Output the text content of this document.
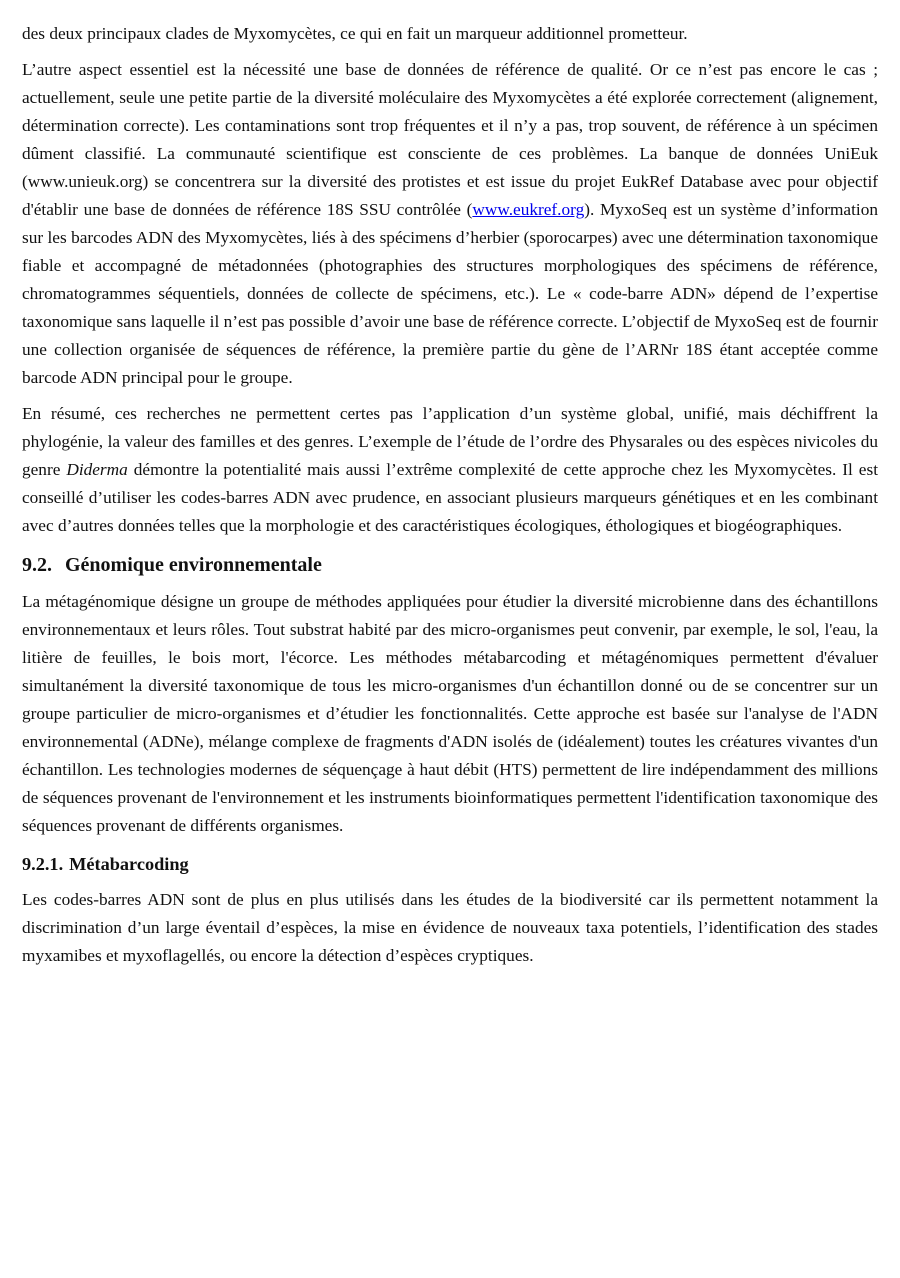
des deux principaux clades de Myxomycètes, ce qui en fait un marqueur additionnel prometteur.

L’autre aspect essentiel est la nécessité une base de données de référence de qualité. Or ce n’est pas encore le cas ; actuellement, seule une petite partie de la diversité moléculaire des Myxomycètes a été explorée correctement (alignement, détermination correcte). Les contaminations sont trop fréquentes et il n’y a pas, trop souvent, de référence à un spécimen dûment classifié. La communauté scientifique est consciente de ces problèmes. La banque de données UniEuk (www.unieuk.org) se concentrera sur la diversité des protistes et est issue du projet EukRef Database avec pour objectif d'établir une base de données de référence 18S SSU contrôlée (www.eukref.org). MyxoSeq est un système d’information sur les barcodes ADN des Myxomycètes, liés à des spécimens d’herbier (sporocarpes) avec une détermination taxonomique fiable et accompagné de métadonnées (photographies des structures morphologiques des spécimens de référence, chromatogrammes séquentiels, données de collecte de spécimens, etc.). Le « code-barre ADN» dépend de l’expertise taxonomique sans laquelle il n’est pas possible d’avoir une base de référence correcte. L’objectif de MyxoSeq est de fournir une collection organisée de séquences de référence, la première partie du gène de l’ARNr 18S étant acceptée comme barcode ADN principal pour le groupe.

En résumé, ces recherches ne permettent certes pas l’application d’un système global, unifié, mais déchiffrent la phylogénie, la valeur des familles et des genres. L’exemple de l’étude de l’ordre des Physarales ou des espèces nivicoles du genre Diderma démontre la potentialité mais aussi l’extrême complexité de cette approche chez les Myxomycètes. Il est conseillé d’utiliser les codes-barres ADN avec prudence, en associant plusieurs marqueurs génétiques et en les combinant avec d’autres données telles que la morphologie et des caractéristiques écologiques, éthologiques et biogéographiques.

9.2. Génomique environnementale

La métagénomique désigne un groupe de méthodes appliquées pour étudier la diversité microbienne dans des échantillons environnementaux et leurs rôles. Tout substrat habité par des micro-organismes peut convenir, par exemple, le sol, l'eau, la litière de feuilles, le bois mort, l'écorce. Les méthodes métabarcoding et métagénomiques permettent d'évaluer simultanément la diversité taxonomique de tous les micro-organismes d'un échantillon donné ou de se concentrer sur un groupe particulier de micro-organismes et d’étudier les fonctionnalités. Cette approche est basée sur l'analyse de l'ADN environnemental (ADNe), mélange complexe de fragments d'ADN isolés de (idéalement) toutes les créatures vivantes d'un échantillon. Les technologies modernes de séquençage à haut débit (HTS) permettent de lire indépendamment des millions de séquences provenant de l'environnement et les instruments bioinformatiques permettent l'identification taxonomique des séquences provenant de différents organismes.

9.2.1. Métabarcoding

Les codes-barres ADN sont de plus en plus utilisés dans les études de la biodiversité car ils permettent notamment la discrimination d’un large éventail d’espèces, la mise en évidence de nouveaux taxa potentiels, l’identification des stades myxamibes et myxoflagellés, ou encore la détection d’espèces cryptiques.
